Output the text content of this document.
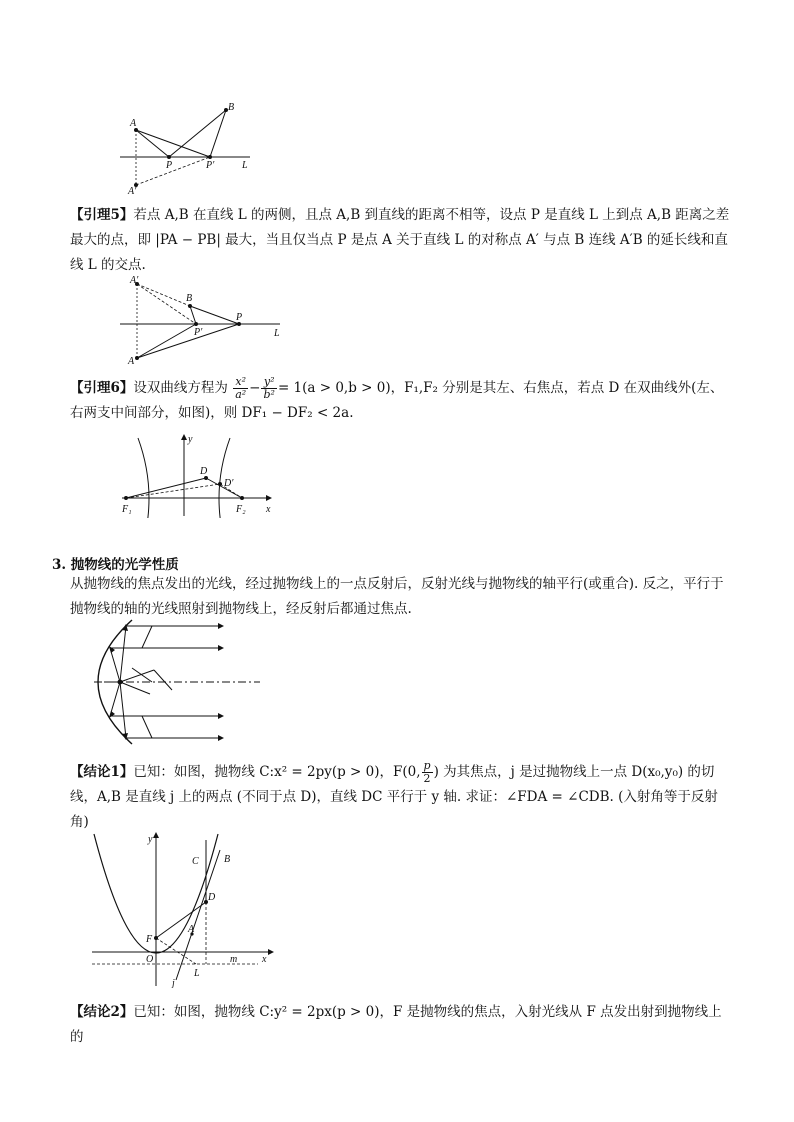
A
B
P	P′	L
A′
【引理5】若点 A,B 在直线 L 的两侧，且点 A,B 到直线的距离不相等，设点 P 是直线 L 上到点 A,B 距离之差最大的点，即 |PA − PB| 最大，当且仅当点 P 是点 A 关于直线 L 的对称点 A′ 与点 B 连线 A′B 的延长线和直线 L 的交点.
A′
B
P′
P
L
A
【引理6】设双曲线方程为 $\frac{\text{x²}}{\text{a²}} - \frac{\text{y²}}{\text{b²}} = 1(a > 0,b > 0)$，F₁,F₂ 分别是其左、右焦点，若点 D 在双曲线外(左、右两支中间部分，如图)，则 DF₁ − DF₂ < 2a.
y
D
D′
F₁	F₂ x
3. 抛物线的光学性质
从抛物线的焦点发出的光线，经过抛物线上的一点反射后，反射光线与抛物线的轴平行(或重合). 反之，平行于抛物线的轴的光线照射到抛物线上，经反射后都通过焦点.
【结论1】已知：如图，抛物线 C:x² = 2py(p > 0)，F(0, $\frac{p}{2}$ ) 为其焦点，j 是过抛物线上一点 D(x₀,y₀) 的切线，A,B 是直线 j 上的两点 (不同于点 D)，直线 DC 平行于 y 轴. 求证：∠FDA = ∠CDB. (入射角等于反射角)
y
C	B
D
F
A
O
L
j
m x
【结论2】已知：如图，抛物线 C:y² = 2px(p > 0)，F 是抛物线的焦点，入射光线从 F 点发出射到抛物线上的
